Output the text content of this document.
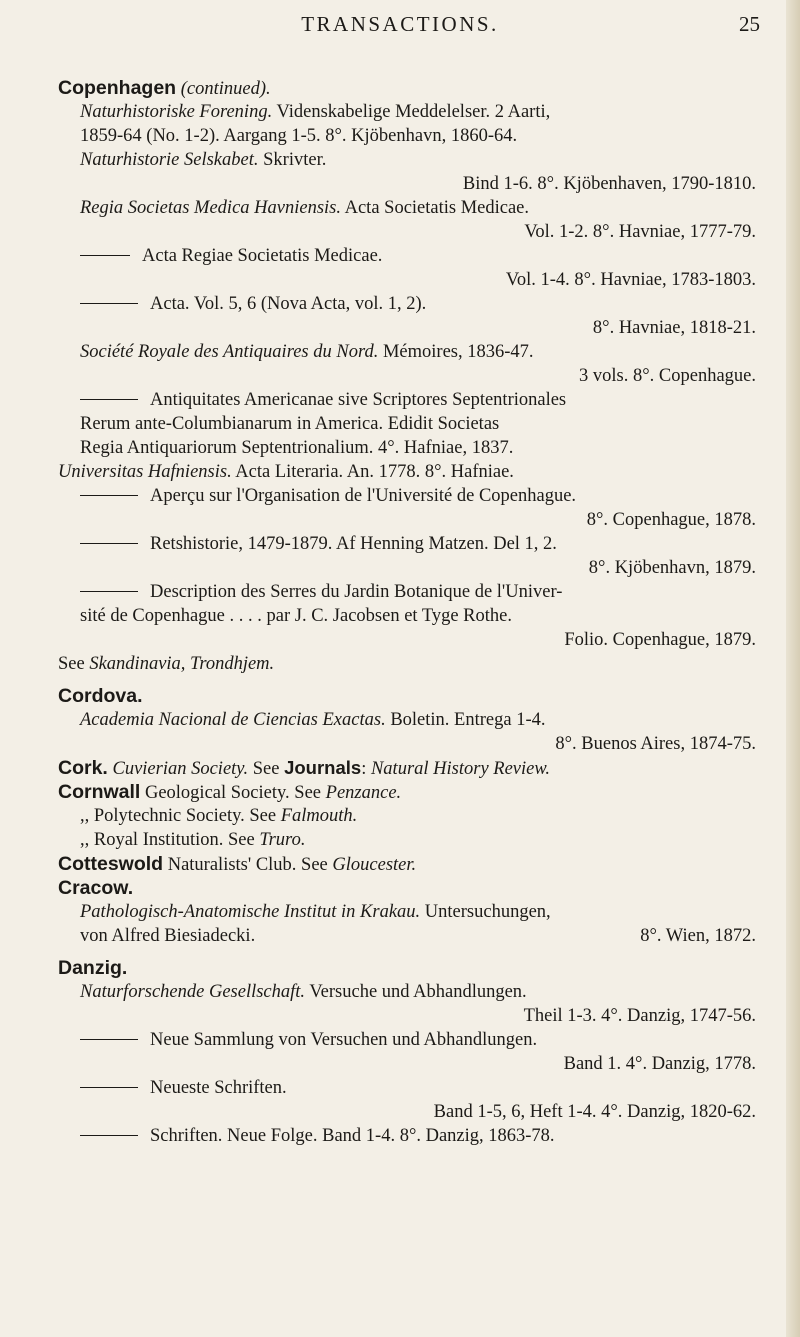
TRANSACTIONS.	25
Copenhagen (continued).
Naturhistoriske Forening. Videnskabelige Meddelelser. 2 Aarti,
1859-64 (No. 1-2). Aargang 1-5. 8°. Kjöbenhavn, 1860-64.
Naturhistorie Selskabet. Skrivter.
Bind 1-6. 8°. Kjöbenhaven, 1790-1810.
Regia Societas Medica Havniensis. Acta Societatis Medicae.
Vol. 1-2. 8°. Havniae, 1777-79.
Acta Regiae Societatis Medicae.
Vol. 1-4. 8°. Havniae, 1783-1803.
Acta. Vol. 5, 6 (Nova Acta, vol. 1, 2).
8°. Havniae, 1818-21.
Société Royale des Antiquaires du Nord. Mémoires, 1836-47.
3 vols. 8°. Copenhague.
Antiquitates Americanae sive Scriptores Septentrionales
Rerum ante-Columbianarum in America. Edidit Societas
Regia Antiquariorum Septentrionalium. 4°. Hafniae, 1837.
Universitas Hafniensis. Acta Literaria. An. 1778. 8°. Hafniae.
Aperçu sur l'Organisation de l'Université de Copenhague.
8°. Copenhague, 1878.
Retshistorie, 1479-1879. Af Henning Matzen. Del 1, 2.
8°. Kjöbenhavn, 1879.
Description des Serres du Jardin Botanique de l'Univer-
sité de Copenhague . . . . par J. C. Jacobsen et Tyge Rothe.
Folio. Copenhague, 1879.
See Skandinavia, Trondhjem.
Cordova.
Academia Nacional de Ciencias Exactas. Boletin. Entrega 1-4.
8°. Buenos Aires, 1874-75.
Cork. Cuvierian Society. See Journals: Natural History Review.
Cornwall Geological Society. See Penzance.
,, Polytechnic Society. See Falmouth.
,, Royal Institution. See Truro.
Cotteswold Naturalists' Club. See Gloucester.
Cracow.
Pathologisch-Anatomische Institut in Krakau. Untersuchungen,
von Alfred Biesiadecki.	8°. Wien, 1872.
Danzig.
Naturforschende Gesellschaft. Versuche und Abhandlungen.
Theil 1-3. 4°. Danzig, 1747-56.
Neue Sammlung von Versuchen und Abhandlungen.
Band 1. 4°. Danzig, 1778.
Neueste Schriften.
Band 1-5, 6, Heft 1-4. 4°. Danzig, 1820-62.
Schriften. Neue Folge. Band 1-4. 8°. Danzig, 1863-78.
